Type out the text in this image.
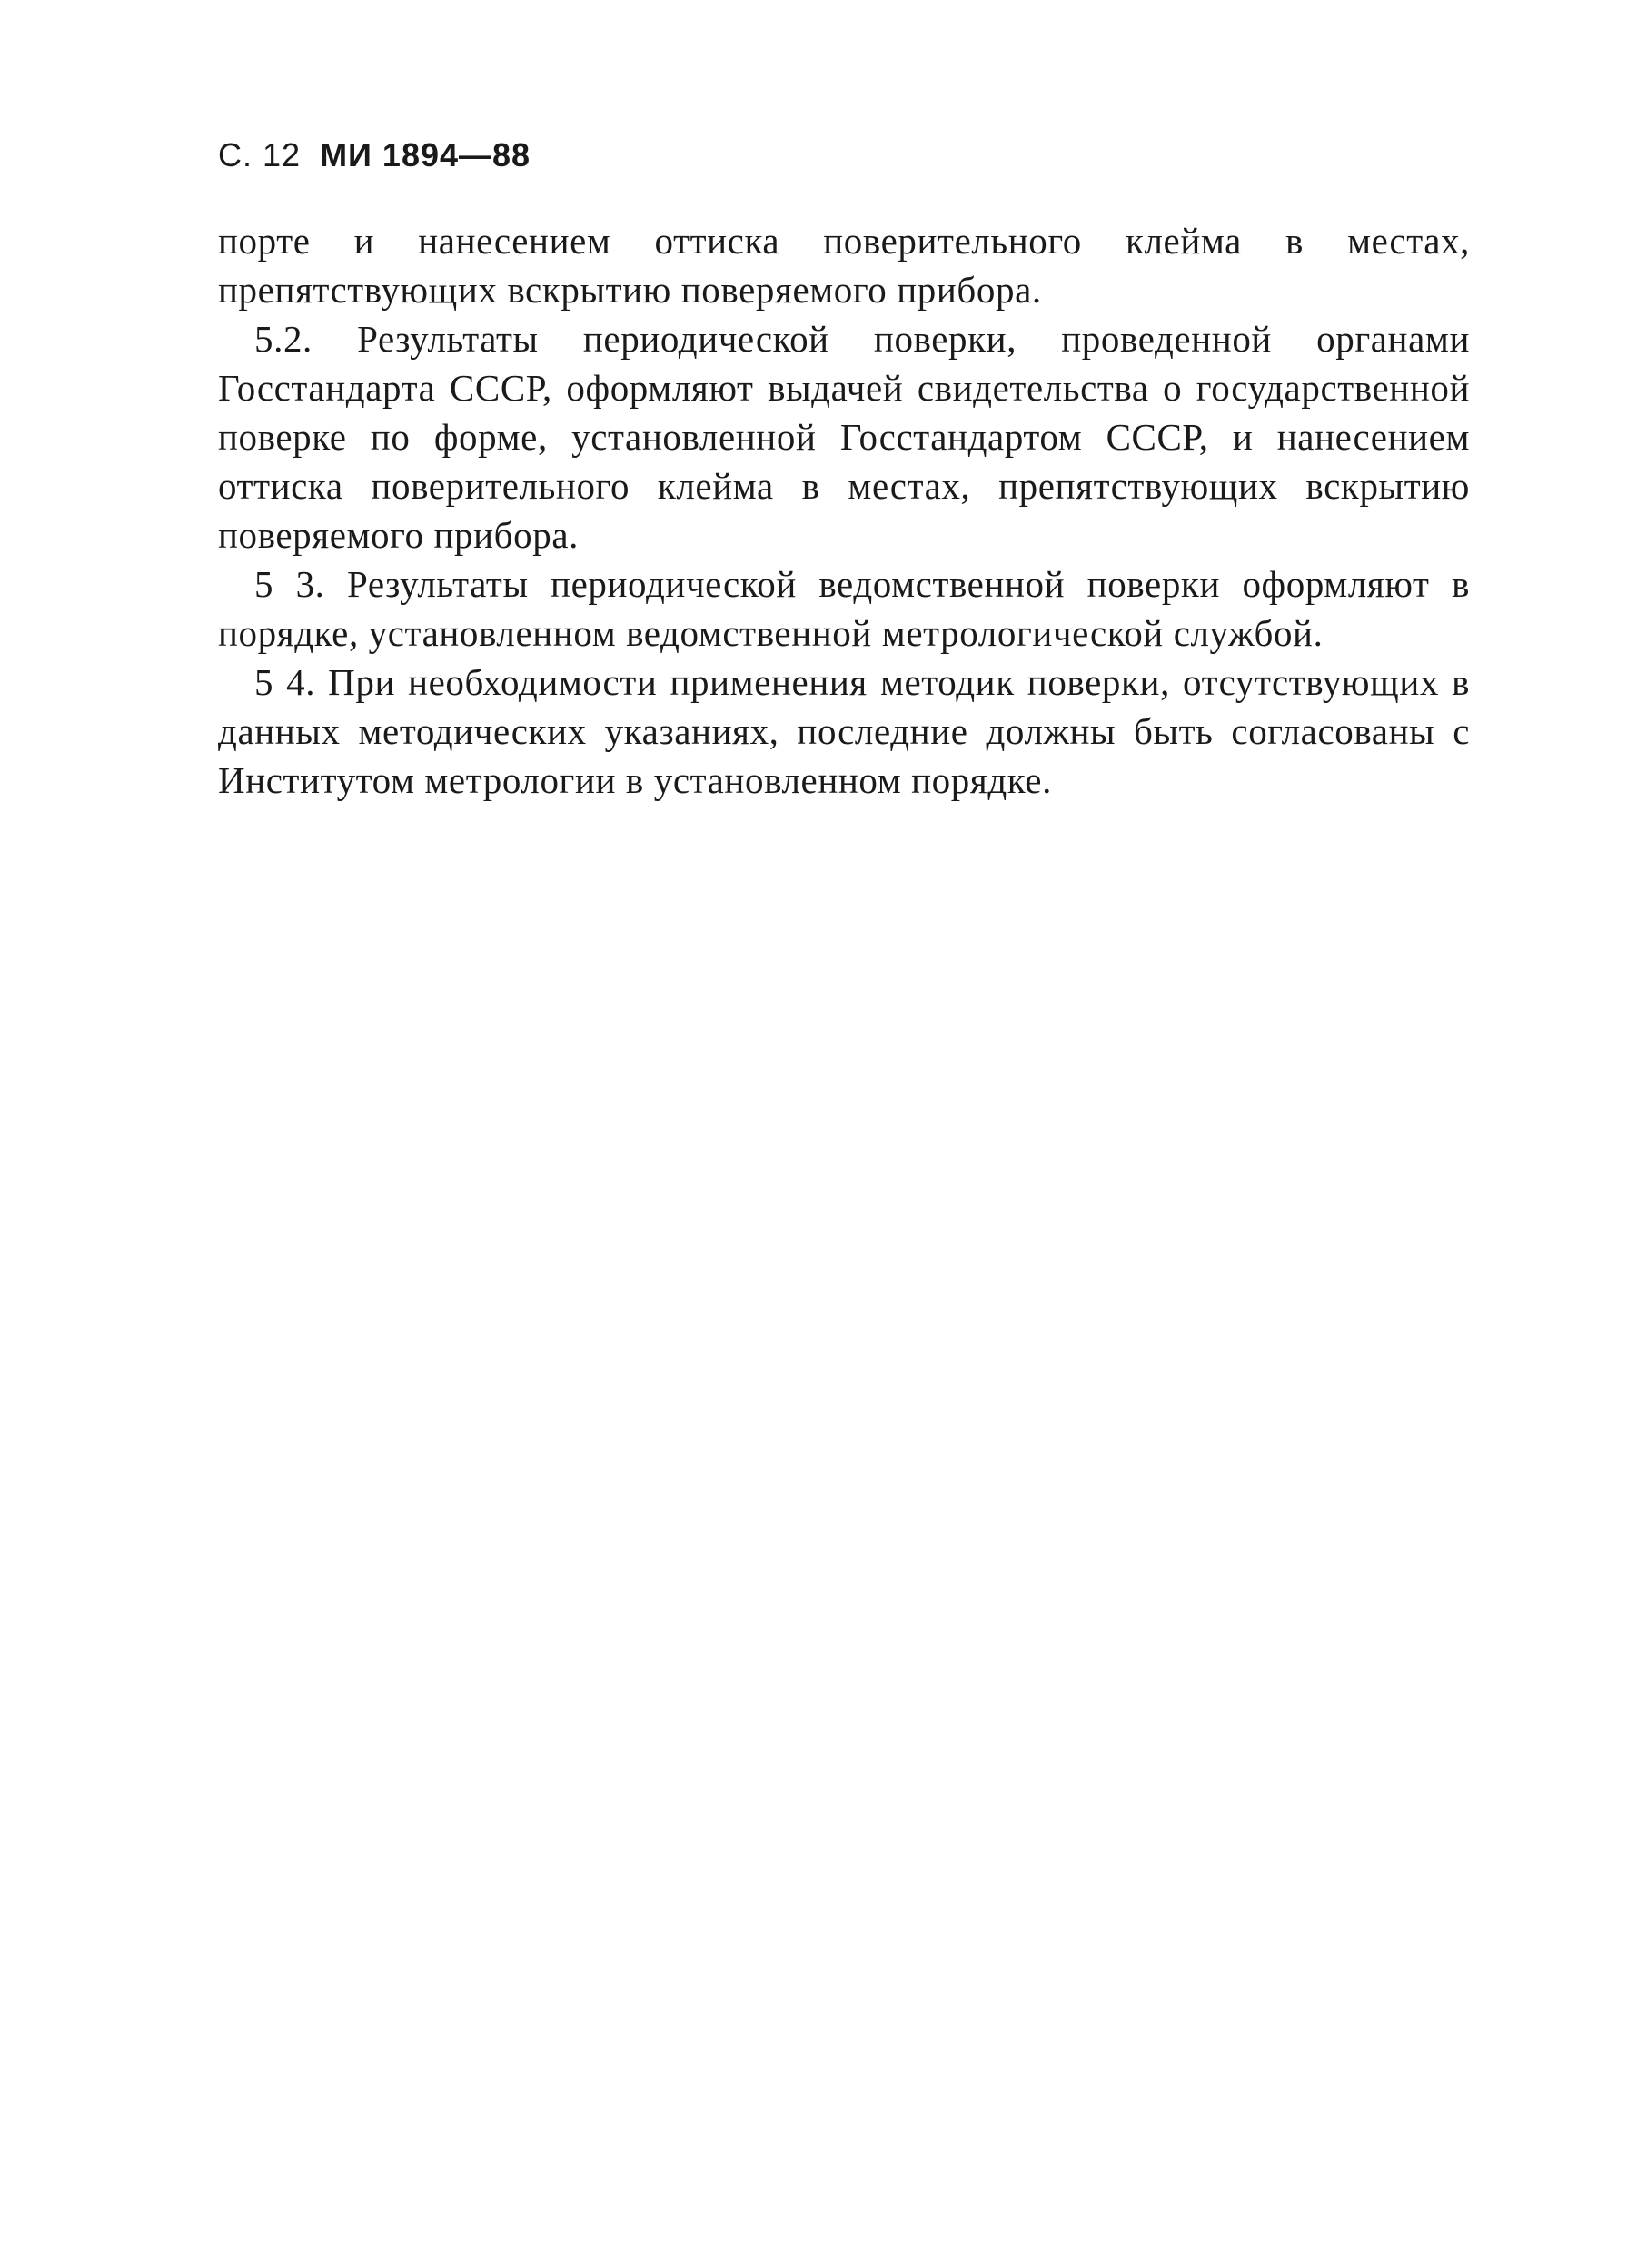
С. 12 МИ 1894—88

порте и нанесением оттиска поверительного клейма в местах, препятствующих вскрытию поверяемого прибора.

5.2. Результаты периодической поверки, проведенной органами Госстандарта СССР, оформляют выдачей свидетельства о государственной поверке по форме, установленной Госстандартом СССР, и нанесением оттиска поверительного клейма в местах, препятствующих вскрытию поверяемого прибора.

5 3. Результаты периодической ведомственной поверки оформляют в порядке, установленном ведомственной метрологической службой.

5 4. При необходимости применения методик поверки, отсутствующих в данных методических указаниях, последние должны быть согласованы с Институтом метрологии в установленном порядке.
